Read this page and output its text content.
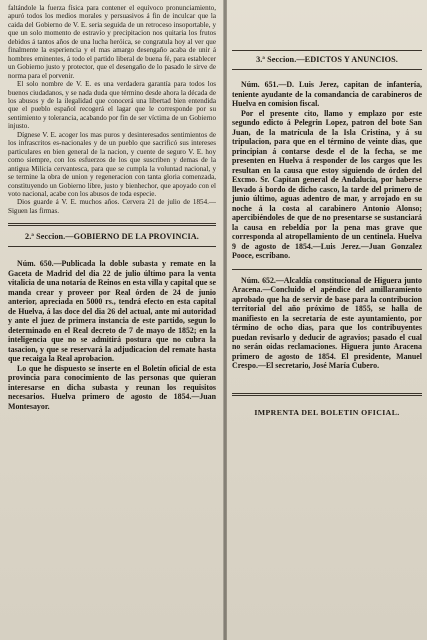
faltándole la fuerza física para contener el equívoco pronunciamiento, apuró todos los medios morales y persuasivos á fin de inculcar que la caida del Gobierno de V. E. seria seguida de un retroceso insoportable, y que un solo momento de estravío y precipitacion nos quitaria los frutos debidos á tantos años de una lucha heróica, se congratula hoy al ver que finalmente la esperiencia y el mas amargo desengaño acaba de unir á hombres eminentes, á todo el partido liberal de buena fé, para establecer un Gobierno justo y protector, que el desengaño de lo pasado le sirve de norma para el porvenir.

El solo nombre de V. E. es una verdadera garantía para todos los buenos ciudadanos, y se nada duda que término desde ahora la década de los abusos y de la ilegalidad que conocerá una libertad bien entendida que el pueblo español recogerá el lagar que le corresponde por su sentimiento y tolerancia, acabando por fin de ser víctima de un Gobierno injusto.

Dígnese V. E. acoger los mas puros y desinteresados sentimientos de los infrascritos es-nacionales y de un pueblo que sacrificó sus intereses particulares en bien general de la nacion, y cuente de seguro V. E. hoy como siempre, con los esfuerzos de los que suscriben y demas de la antigua Milicia cervantesca, para que se cumpla la voluntad nacional, y se termine la obra de union y regeneracion con tanta gloria comenzada, constituyendo un Gobierno libre, justo y bienhechor, que apoyado con el voto nacional, acabe con los abusos de toda especie.

Dios guarde á V. E. muchos años. Cervera 21 de julio de 1854.—Siguen las firmas.

2.ª Seccion.—GOBIERNO DE LA PROVINCIA.

Núm. 650.—Publicada la doble subasta y remate en la Gaceta de Madrid del dia 22 de julio último para la venta vitalicia de una notaría de Reinos en esta villa y capital que se manda crear y proveer por Real órden de 24 de junio anterior, apreciada en 5000 rs., tendrá efecto en esta capital de Huelva, á las doce del dia 26 del actual, ante mi autoridad y ante el juez de primera instancia de este partido, segun lo determinado en el Real decreto de 7 de mayo de 1852; en la inteligencia que no se admitirá postura que no cubra la tasacion, y que se reservará la adjudicacion del remate hasta que recaiga la Real aprobacion.

Lo que he dispuesto se inserte en el Boletín oficial de esta provincia para conocimiento de las personas que quieran interesarse en dicha subasta y reunan los requisitos necesarios. Huelva primero de agosto de 1854.—Juan Montesayor.

3.ª Seccion.—EDICTOS Y ANUNCIOS.

Núm. 651.—D. Luis Jerez, capitan de infantería, teniente ayudante de la comandancia de carabineros de Huelva en comision fiscal.

Por el presente cito, llamo y emplazo por este segundo edicto á Pelegrin Lopez, patron del bote San Juan, de la matrícula de la Isla Cristina, y á su tripulacion, para que en el término de veinte dias, que principian á contarse desde el de la fecha, se me presenten en Huelva á responder de los cargos que les resultan en la causa que estoy siguiendo de órden del Excmo. Sr. Capitan general de Andalucía, por haberse llevado á bordo de dicho casco, la tarde del primero de junio último, aguas adentro de mar, y arrojado en su noche á la costa al carabinero Antonio Alonso; apercibiéndoles de que de no presentarse se sustanciará la causa en rebeldía por la pena mas grave que corresponda al atropellamiento de un centinela. Huelva 9 de agosto de 1854.—Luis Jerez.—Juan Gonzalez Pooce, escribano.

Núm. 652.—Alcaldía constitucional de Higuera junto Aracena.—Concluido el apéndice del amillaramiento aprobado que ha de servir de base para la contribucion territorial del año próximo de 1855, se halla de manifiesto en la secretaría de este ayuntamiento, por término de ocho dias, para que los contribuyentes puedan revisarlo y deducir de agravios; pasado el cual no serán oidas reclamaciones. Higuera junto Aracena primero de agosto de 1854. El presidente, Manuel Crespo.—El secretario, José María Cubero.

IMPRENTA DEL BOLETIN OFICIAL.
